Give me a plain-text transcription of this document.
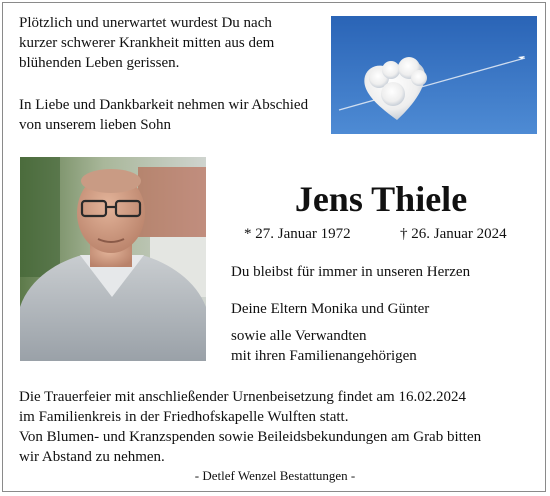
Plötzlich und unerwartet wurdest Du nach
kurzer schwerer Krankheit mitten aus dem
blühenden Leben gerissen.
In Liebe und Dankbarkeit nehmen wir Abschied
von unserem lieben Sohn
Jens Thiele
* 27. Januar 1972	† 26. Januar 2024
Du bleibst für immer in unseren Herzen
Deine Eltern Monika und Günter
sowie alle Verwandten
mit ihren Familienangehörigen
Die Trauerfeier mit anschließender Urnenbeisetzung findet am 16.02.2024
im Familienkreis in der Friedhofskapelle Wulften statt.
Von Blumen- und Kranzspenden sowie Beileidsbekundungen am Grab bitten
wir Abstand zu nehmen.
- Detlef Wenzel Bestattungen -
